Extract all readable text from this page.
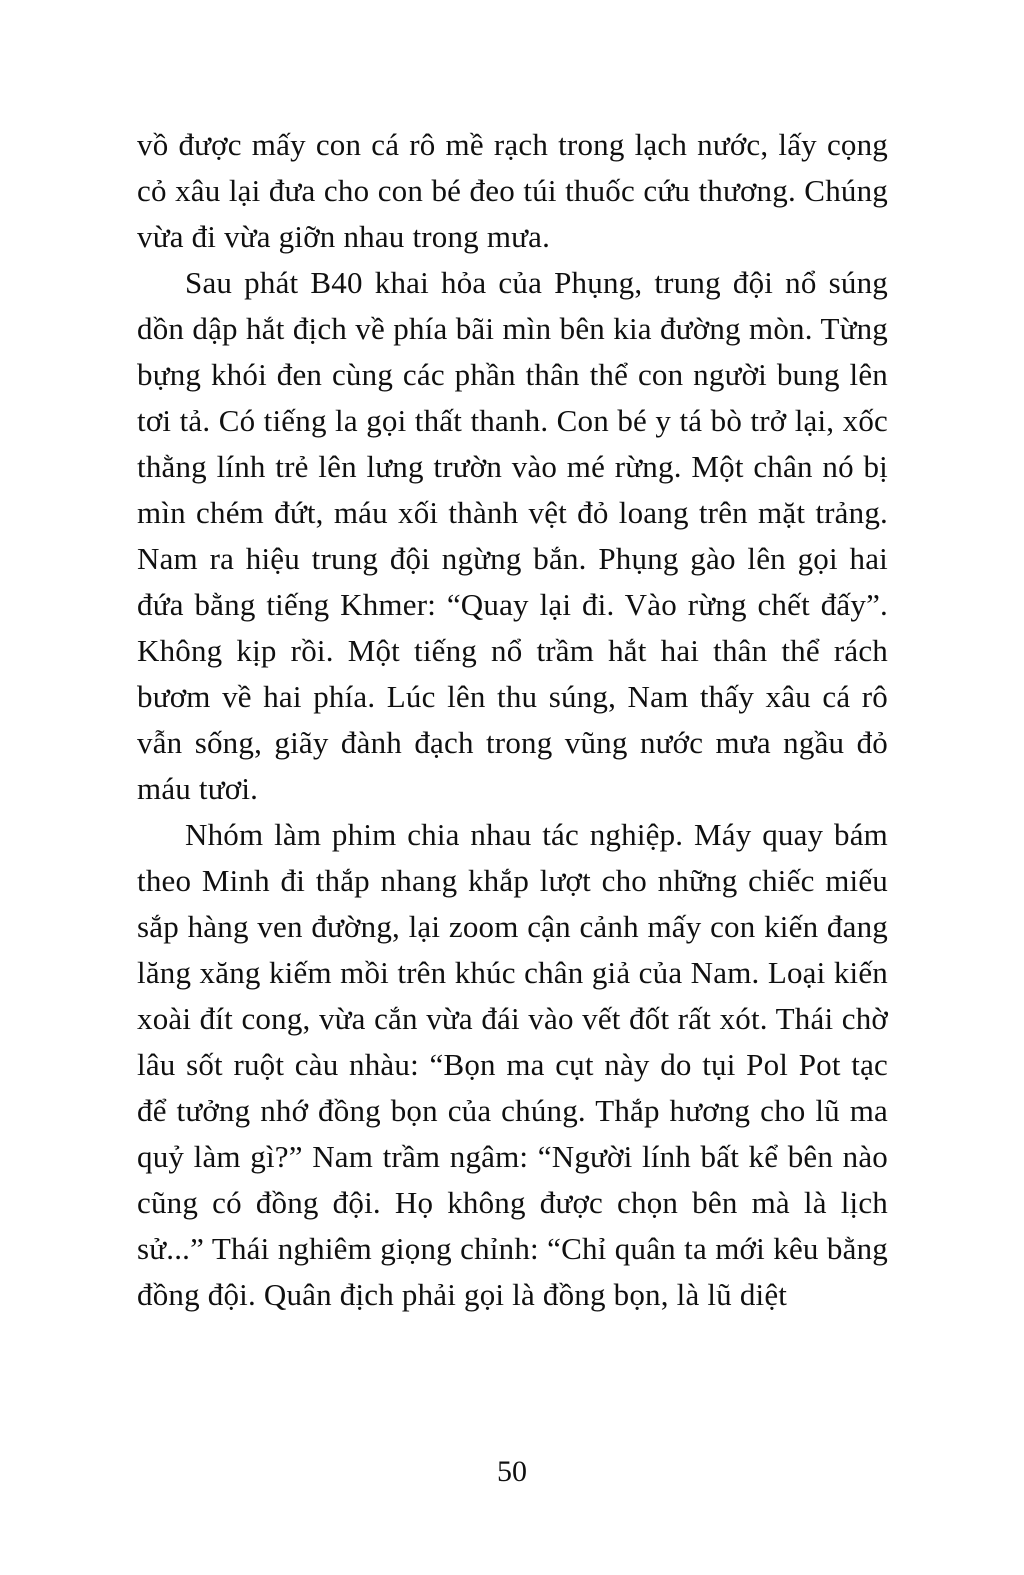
vồ được mấy con cá rô mề rạch trong lạch nước, lấy cọng cỏ xâu lại đưa cho con bé đeo túi thuốc cứu thương. Chúng vừa đi vừa giỡn nhau trong mưa.

Sau phát B40 khai hỏa của Phụng, trung đội nổ súng dồn dập hắt địch về phía bãi mìn bên kia đường mòn. Từng bựng khói đen cùng các phần thân thể con người bung lên tơi tả. Có tiếng la gọi thất thanh. Con bé y tá bò trở lại, xốc thằng lính trẻ lên lưng trườn vào mé rừng. Một chân nó bị mìn chém đứt, máu xối thành vệt đỏ loang trên mặt trảng. Nam ra hiệu trung đội ngừng bắn. Phụng gào lên gọi hai đứa bằng tiếng Khmer: “Quay lại đi. Vào rừng chết đấy”. Không kịp rồi. Một tiếng nổ trầm hắt hai thân thể rách bươm về hai phía. Lúc lên thu súng, Nam thấy xâu cá rô vẫn sống, giãy đành đạch trong vũng nước mưa ngầu đỏ máu tươi.

Nhóm làm phim chia nhau tác nghiệp. Máy quay bám theo Minh đi thắp nhang khắp lượt cho những chiếc miếu sắp hàng ven đường, lại zoom cận cảnh mấy con kiến đang lăng xăng kiếm mồi trên khúc chân giả của Nam. Loại kiến xoài đít cong, vừa cắn vừa đái vào vết đốt rất xót. Thái chờ lâu sốt ruột càu nhàu: “Bọn ma cụt này do tụi Pol Pot tạc để tưởng nhớ đồng bọn của chúng. Thắp hương cho lũ ma quỷ làm gì?” Nam trầm ngâm: “Người lính bất kể bên nào cũng có đồng đội. Họ không được chọn bên mà là lịch sử...” Thái nghiêm giọng chỉnh: “Chỉ quân ta mới kêu bằng đồng đội. Quân địch phải gọi là đồng bọn, là lũ diệt

50
